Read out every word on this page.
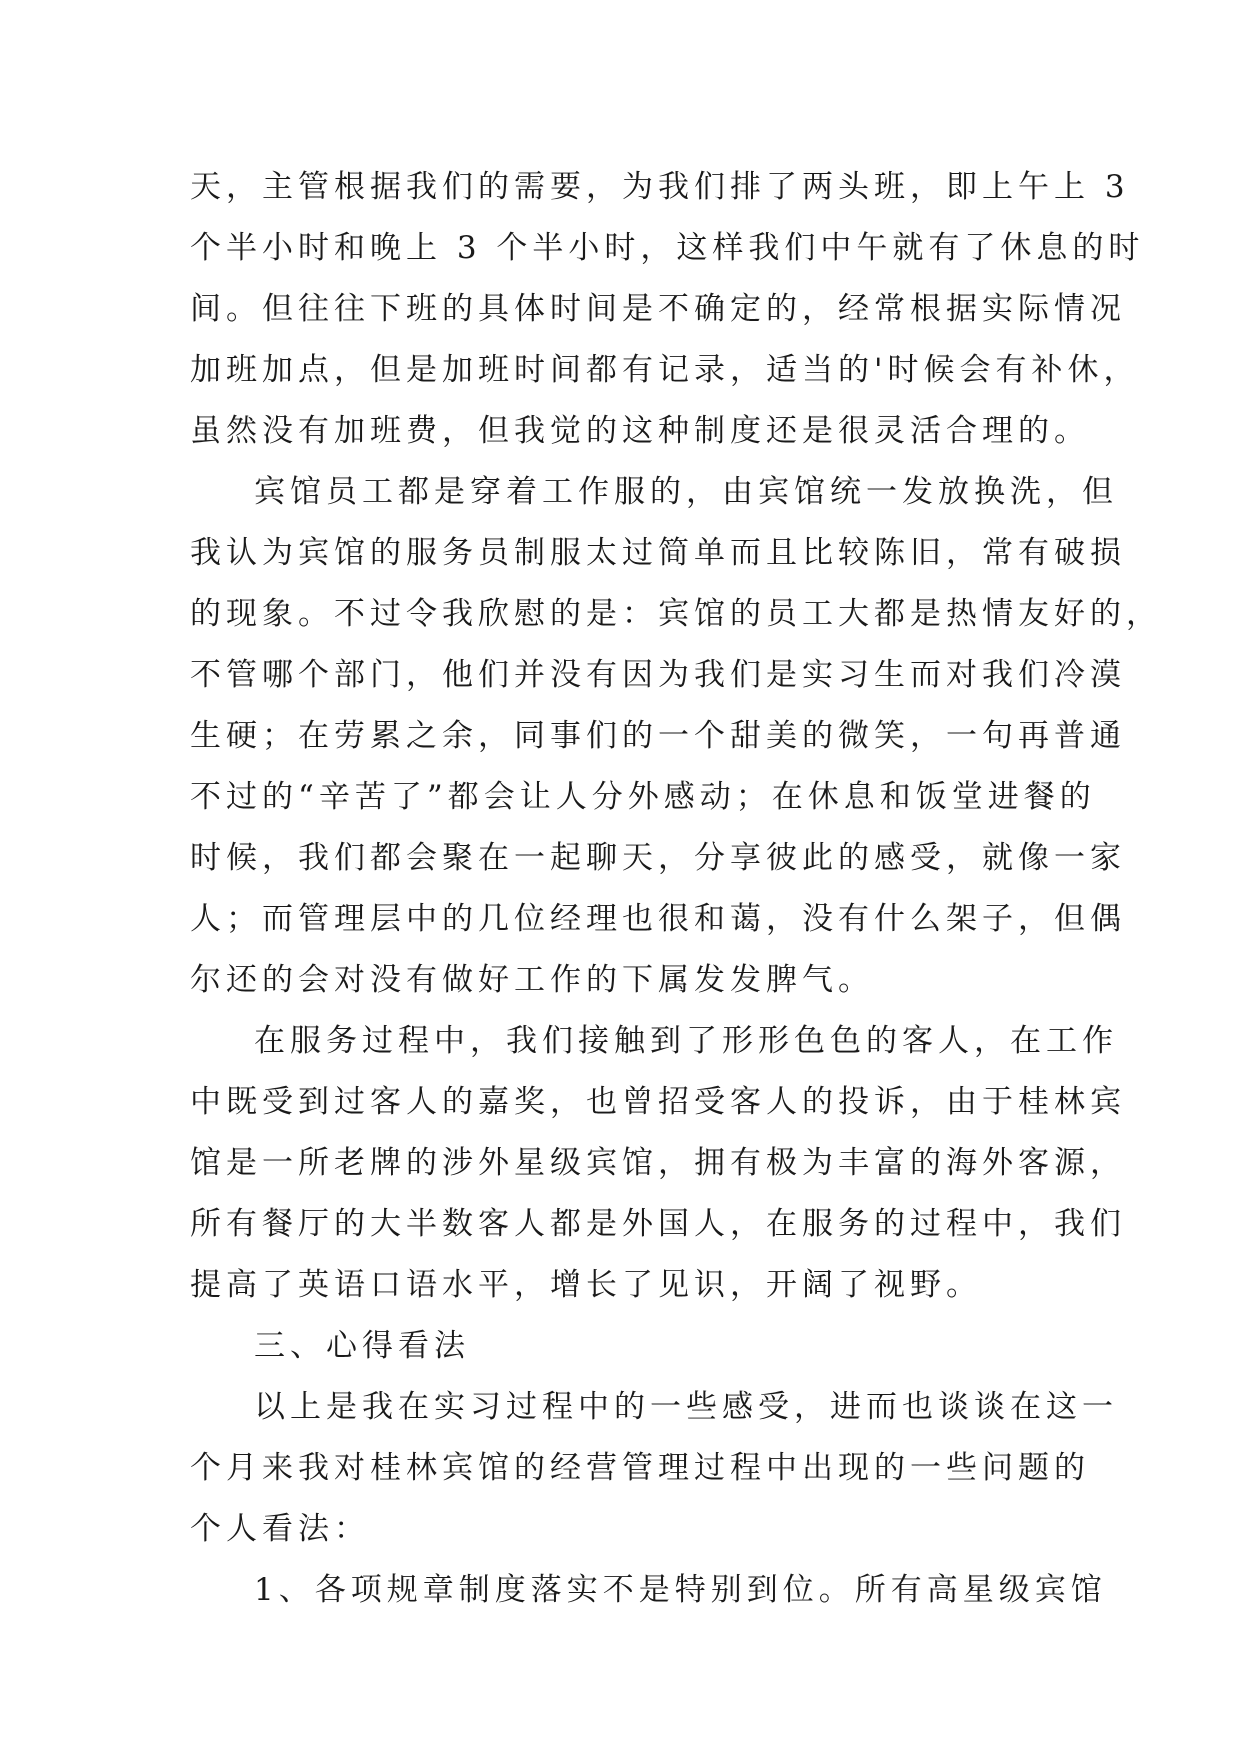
天，主管根据我们的需要，为我们排了两头班，即上午上 3
个半小时和晚上 3 个半小时，这样我们中午就有了休息的时
间。但往往下班的具体时间是不确定的，经常根据实际情况
加班加点，但是加班时间都有记录，适当的'时候会有补休，
虽然没有加班费，但我觉的这种制度还是很灵活合理的。
宾馆员工都是穿着工作服的，由宾馆统一发放换洗，但
我认为宾馆的服务员制服太过简单而且比较陈旧，常有破损
的现象。不过令我欣慰的是：宾馆的员工大都是热情友好的，
不管哪个部门，他们并没有因为我们是实习生而对我们冷漠
生硬；在劳累之余，同事们的一个甜美的微笑，一句再普通
不过的“辛苦了”都会让人分外感动；在休息和饭堂进餐的
时候，我们都会聚在一起聊天，分享彼此的感受，就像一家
人；而管理层中的几位经理也很和蔼，没有什么架子，但偶
尔还的会对没有做好工作的下属发发脾气。
在服务过程中，我们接触到了形形色色的客人，在工作
中既受到过客人的嘉奖，也曾招受客人的投诉，由于桂林宾
馆是一所老牌的涉外星级宾馆，拥有极为丰富的海外客源，
所有餐厅的大半数客人都是外国人，在服务的过程中，我们
提高了英语口语水平，增长了见识，开阔了视野。
三、心得看法
以上是我在实习过程中的一些感受，进而也谈谈在这一
个月来我对桂林宾馆的经营管理过程中出现的一些问题的
个人看法：
1、各项规章制度落实不是特别到位。所有高星级宾馆
